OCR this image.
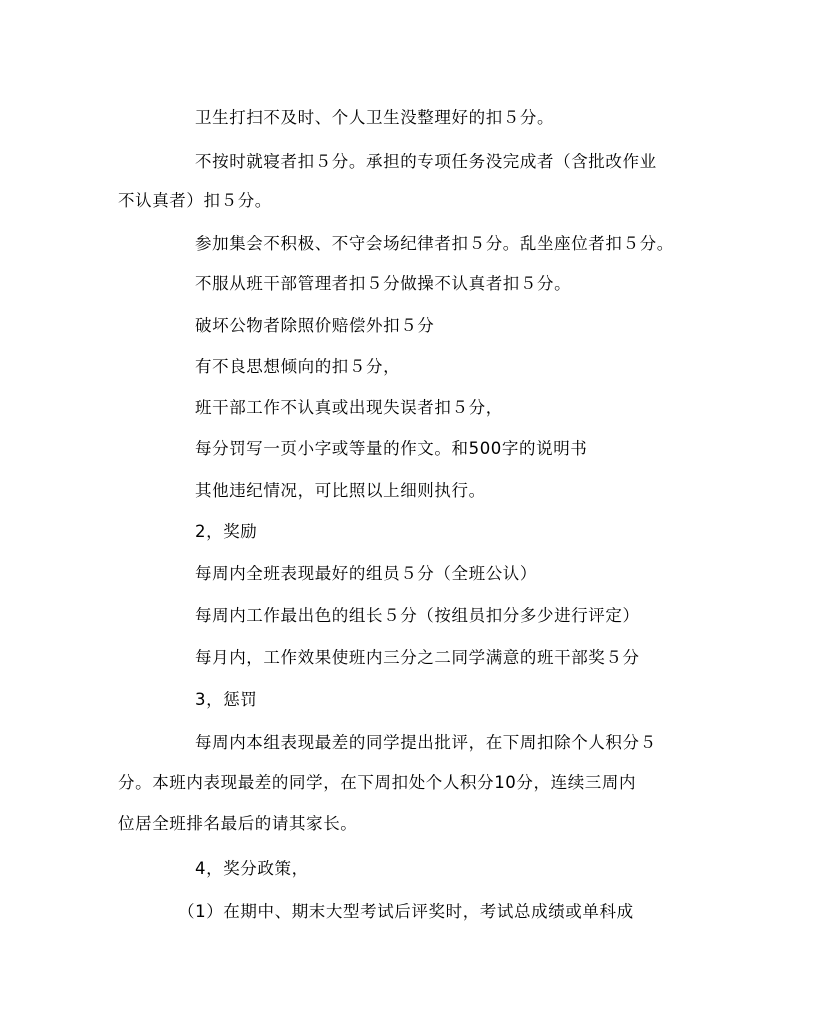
卫生打扫不及时、个人卫生没整理好的扣５分。
不按时就寝者扣５分。承担的专项任务没完成者（含批改作业
不认真者）扣５分。
参加集会不积极、不守会场纪律者扣５分。乱坐座位者扣５分。
不服从班干部管理者扣５分做操不认真者扣５分。
破坏公物者除照价赔偿外扣５分
有不良思想倾向的扣５分，
班干部工作不认真或出现失误者扣５分，
每分罚写一页小字或等量的作文。和500字的说明书
其他违纪情况，可比照以上细则执行。
2，奖励
每周内全班表现最好的组员５分（全班公认）
每周内工作最出色的组长５分（按组员扣分多少进行评定）
每月内，工作效果使班内三分之二同学满意的班干部奖５分
3，惩罚
每周内本组表现最差的同学提出批评，在下周扣除个人积分５
分。本班内表现最差的同学，在下周扣处个人积分10分，连续三周内
位居全班排名最后的请其家长。
4，奖分政策，
（1）在期中、期末大型考试后评奖时，考试总成绩或单科成
